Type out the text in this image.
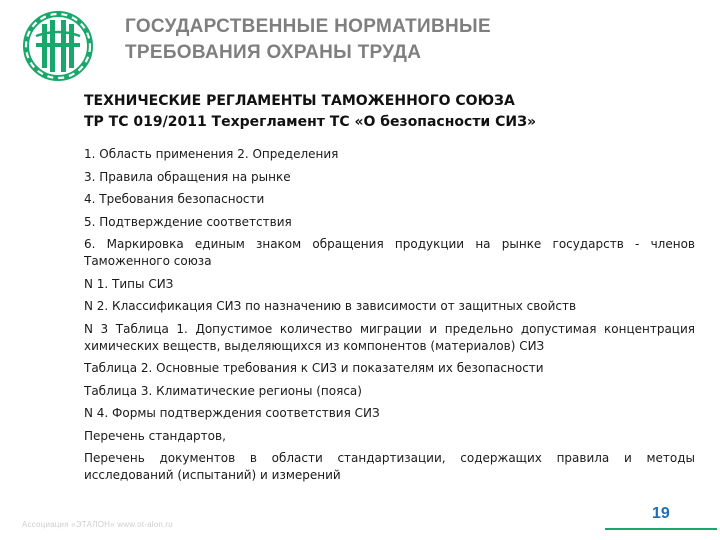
ГОСУДАРСТВЕННЫЕ НОРМАТИВНЫЕ
ТРЕБОВАНИЯ ОХРАНЫ ТРУДА
ТЕХНИЧЕСКИЕ РЕГЛАМЕНТЫ ТАМОЖЕННОГО СОЮЗА
ТР ТС 019/2011 Техрегламент ТС «О безопасности СИЗ»

1. Область применения 2. Определения

3. Правила обращения на рынке

4. Требования безопасности

5. Подтверждение соответствия

6. Маркировка единым знаком обращения продукции на рынке государств - членов Таможенного союза

N 1. Типы СИЗ

N 2. Классификация СИЗ по назначению в зависимости от защитных свойств

N 3 Таблица 1. Допустимое количество миграции и предельно допустимая концентрация химических веществ, выделяющихся из компонентов (материалов) СИЗ

Таблица 2. Основные требования к СИЗ и показателям их безопасности

Таблица 3. Климатические регионы (пояса)

N 4. Формы подтверждения соответствия СИЗ

Перечень стандартов,

Перечень документов в области стандартизации, содержащих правила и методы исследований (испытаний) и измерений

Ассоциация «ЭТАЛОН» www.ot-alon.ru
19
